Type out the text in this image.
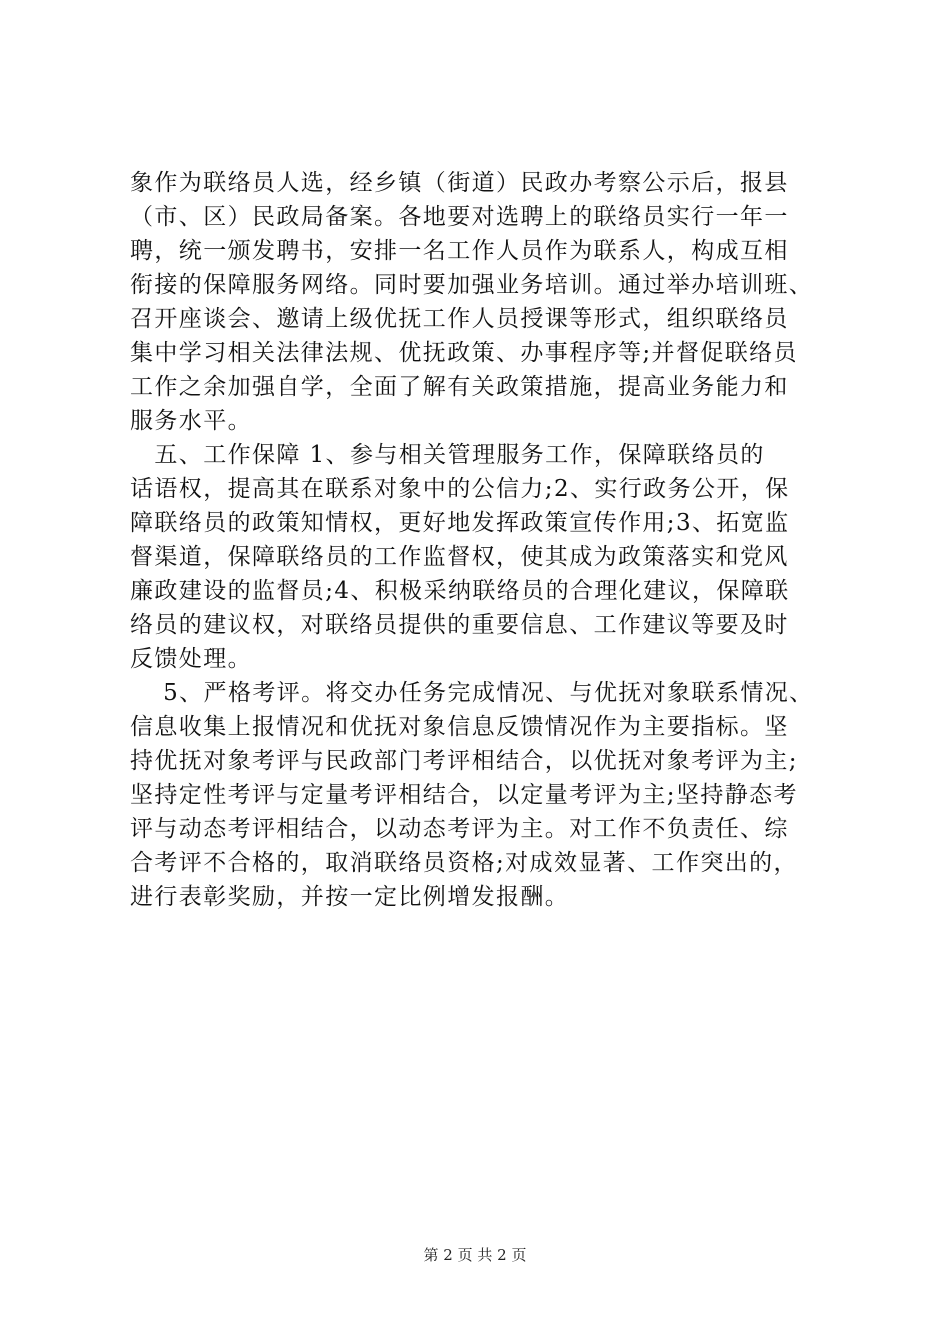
象作为联络员人选，经乡镇（街道）民政办考察公示后，报县
（市、区）民政局备案。各地要对选聘上的联络员实行一年一
聘，统一颁发聘书，安排一名工作人员作为联系人，构成互相
衔接的保障服务网络。同时要加强业务培训。通过举办培训班、
召开座谈会、邀请上级优抚工作人员授课等形式，组织联络员
集中学习相关法律法规、优抚政策、办事程序等;并督促联络员
工作之余加强自学，全面了解有关政策措施，提高业务能力和
服务水平。
　五、工作保障 1、参与相关管理服务工作，保障联络员的
话语权，提高其在联系对象中的公信力;2、实行政务公开，保
障联络员的政策知情权，更好地发挥政策宣传作用;3、拓宽监
督渠道，保障联络员的工作监督权，使其成为政策落实和党风
廉政建设的监督员;4、积极采纳联络员的合理化建议，保障联
络员的建议权，对联络员提供的重要信息、工作建议等要及时
反馈处理。
　 5、严格考评。将交办任务完成情况、与优抚对象联系情况、
信息收集上报情况和优抚对象信息反馈情况作为主要指标。坚
持优抚对象考评与民政部门考评相结合，以优抚对象考评为主;
坚持定性考评与定量考评相结合，以定量考评为主;坚持静态考
评与动态考评相结合，以动态考评为主。对工作不负责任、综
合考评不合格的，取消联络员资格;对成效显著、工作突出的，
进行表彰奖励，并按一定比例增发报酬。
第 2 页 共 2 页
